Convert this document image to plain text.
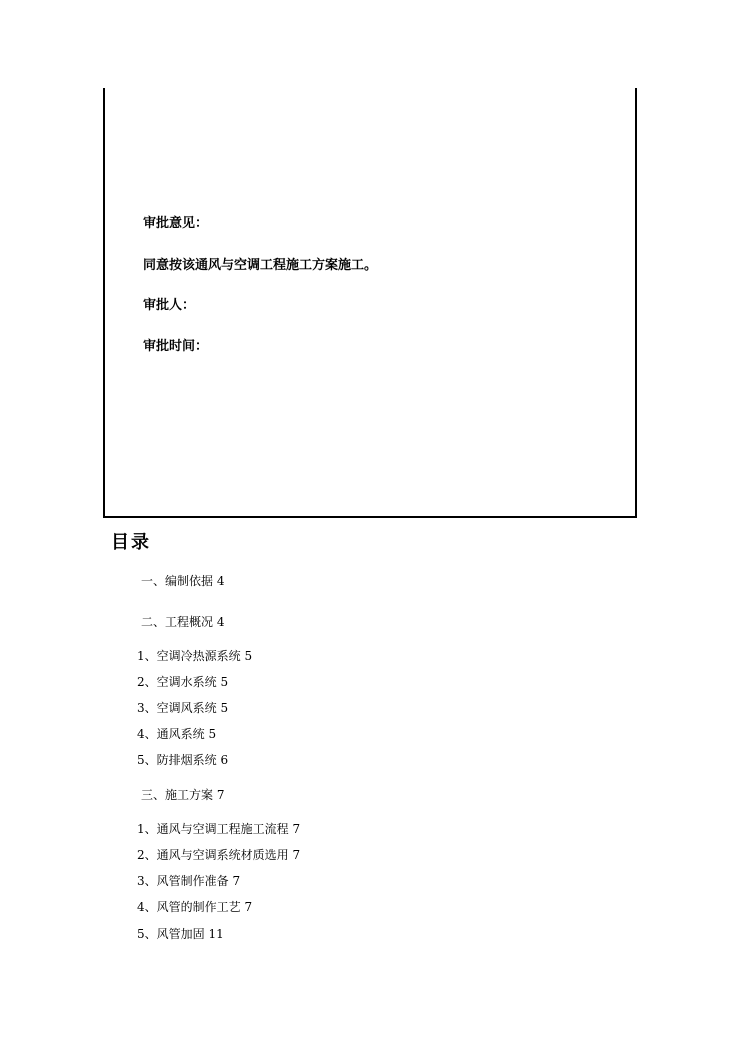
审批意见：
同意按该通风与空调工程施工方案施工。
审批人：
审批时间：
目录
一、编制依据 4
二、工程概况 4
1、空调冷热源系统 5
2、空调水系统 5
3、空调风系统 5
4、通风系统 5
5、防排烟系统 6
三、施工方案 7
1、通风与空调工程施工流程 7
2、通风与空调系统材质选用 7
3、风管制作准备 7
4、风管的制作工艺 7
5、风管加固 11
